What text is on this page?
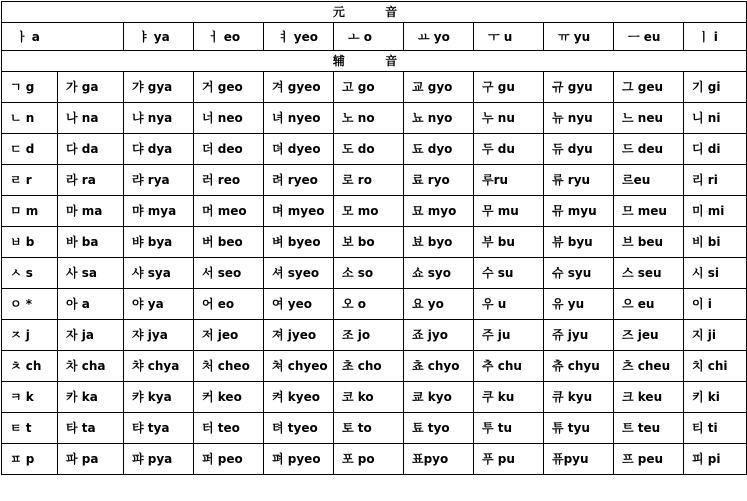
元 音										
ㅏ a		ㅑ ya	ㅓ eo	ㅕ yeo	ㅗ o	ㅛ yo	ㅜ u	ㅠ yu	ㅡ eu	ㅣ i
辅 音										
ㄱ g	가 ga	갸 gya	거 geo	겨 gyeo	고 go	교 gyo	구 gu	규 gyu	그 geu	기 gi
ㄴ n	나 na	냐 nya	너 neo	녀 nyeo	노 no	뇨 nyo	누 nu	뉴 nyu	느 neu	니 ni
ㄷ d	다 da	댜 dya	더 deo	뎌 dyeo	도 do	됴 dyo	두 du	듀 dyu	드 deu	디 di
ㄹ r	라 ra	랴 rya	러 reo	려 ryeo	로 ro	료 ryo	루ru	류 ryu	르eu	리 ri
ㅁ m	마 ma	먀 mya	머 meo	며 myeo	모 mo	묘 myo	무 mu	뮤 myu	므 meu	미 mi
ㅂ b	바 ba	뱌 bya	버 beo	벼 byeo	보 bo	뵤 byo	부 bu	뷰 byu	브 beu	비 bi
ㅅ s	사 sa	샤 sya	서 seo	셔 syeo	소 so	쇼 syo	수 su	슈 syu	스 seu	시 si
ㅇ *	아 a	야 ya	어 eo	여 yeo	오 o	요 yo	우 u	유 yu	으 eu	이 i
ㅈ j	자 ja	쟈 jya	저 jeo	져 jyeo	조 jo	죠 jyo	주 ju	쥬 jyu	즈 jeu	지 ji
ㅊ ch	차 cha	챠 chya	처 cheo	쳐 chyeo	초 cho	쵸 chyo	추 chu	츄 chyu	츠 cheu	치 chi
ㅋ k	카 ka	캬 kya	커 keo	켜 kyeo	코 ko	쿄 kyo	쿠 ku	큐 kyu	크 keu	키 ki
ㅌ t	타 ta	탸 tya	터 teo	텨 tyeo	토 to	툐 tyo	투 tu	튜 tyu	트 teu	티 ti
ㅍ p	파 pa	퍄 pya	퍼 peo	펴 pyeo	포 po	표pyo	푸 pu	퓨pyu	프 peu	피 pi
